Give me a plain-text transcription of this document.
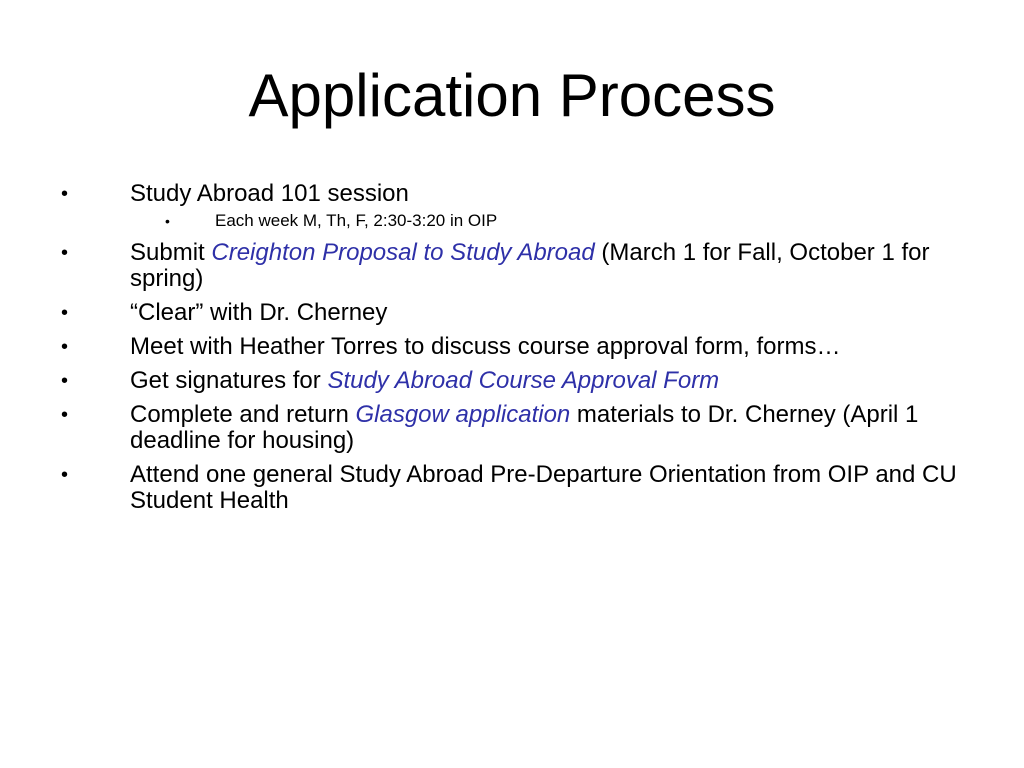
Application Process
•	Study Abroad 101 session
•	Each week M, Th, F, 2:30-3:20 in OIP
•	Submit Creighton Proposal to Study Abroad (March 1 for Fall, October 1 for spring)
•	“Clear” with Dr. Cherney
•	Meet with Heather Torres to discuss course approval form, forms…
•	Get signatures for Study Abroad Course Approval Form
•	Complete and return Glasgow application materials to Dr. Cherney (April 1 deadline for housing)
•	Attend one general Study Abroad Pre-Departure Orientation from OIP and CU Student Health
